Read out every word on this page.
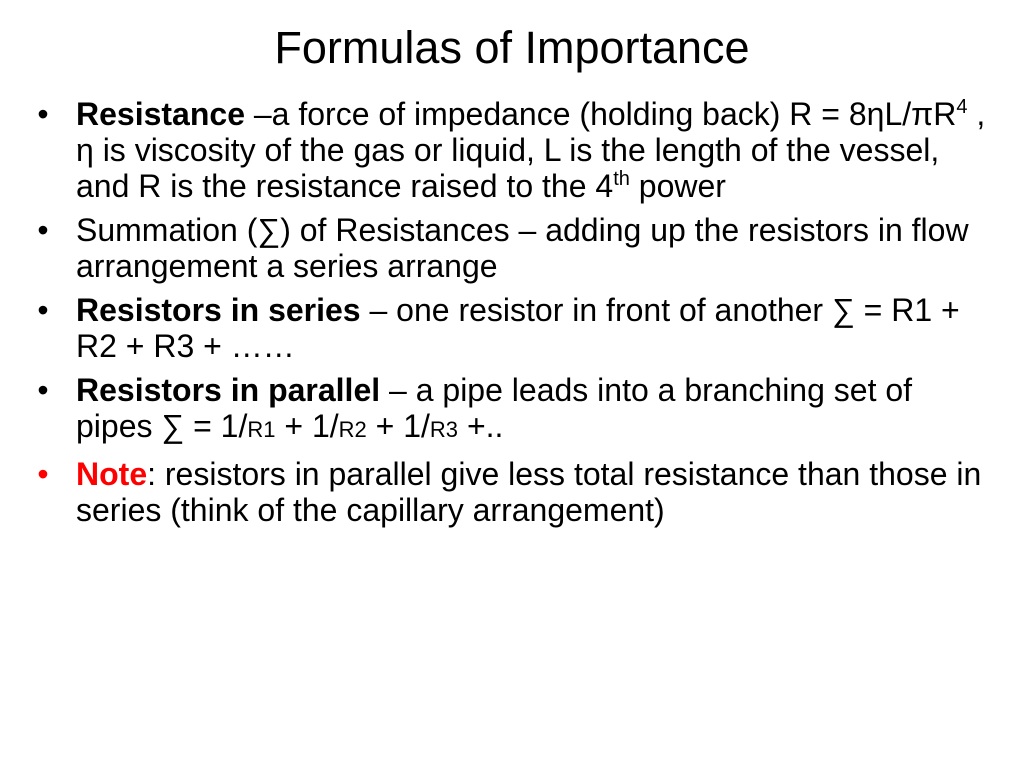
Formulas of Importance
• Resistance –a force of impedance (holding back) $R = 8\eta L/\pi R^4$ , η is viscosity of the gas or liquid, L is the length of the vessel, and R is the resistance raised to the 4th power
• Summation (∑) of Resistances – adding up the resistors in flow arrangement a series arrange
• Resistors in series – one resistor in front of another ∑ = R1 + R2 + R3 + ……
• Resistors in parallel – a pipe leads into a branching set of pipes ∑ = 1/R1 + 1/R2 + 1/R3 +..
• Note: resistors in parallel give less total resistance than those in series (think of the capillary arrangement)
